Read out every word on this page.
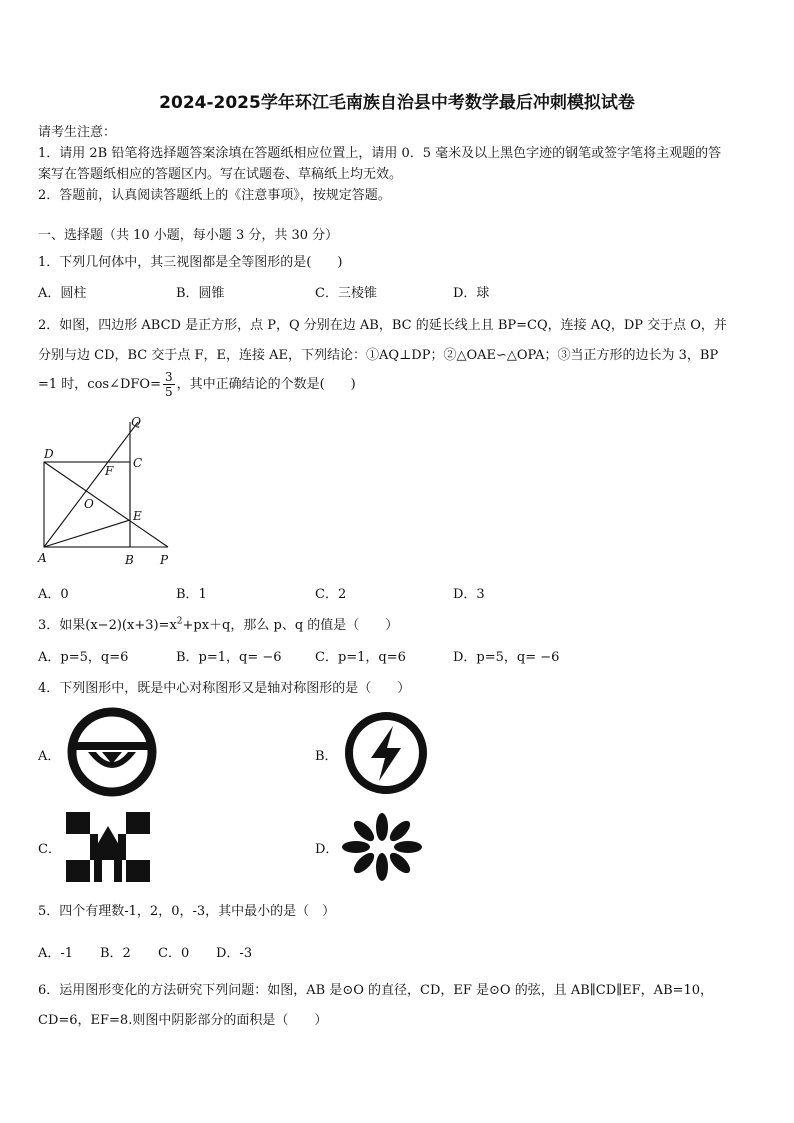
2024-2025学年环江毛南族自治县中考数学最后冲刺模拟试卷
请考生注意：
1．请用 2B 铅笔将选择题答案涂填在答题纸相应位置上，请用 0．5 毫米及以上黑色字迹的钢笔或签字笔将主观题的答
案写在答题纸相应的答题区内。写在试题卷、草稿纸上均无效。
2．答题前，认真阅读答题纸上的《注意事项》，按规定答题。
一、选择题（共 10 小题，每小题 3 分，共 30 分）
1．下列几何体中，其三视图都是全等图形的是(　　)
A．圆柱	B．圆锥	C．三棱锥	D．球
2．如图，四边形 ABCD 是正方形，点 P，Q 分别在边 AB，BC 的延长线上且 BP=CQ，连接 AQ，DP 交于点 O，并
分别与边 CD，BC 交于点 F，E，连接 AE，下列结论：①AQ⊥DP；②△OAE∽△OPA；③当正方形的边长为 3，BP
=1 时，cos∠DFO= $\frac{3}{5}$ ，其中正确结论的个数是(　　)
Q
D
C
F
O
E
A	B P
A．0	B．1	C．2	D．3
3．如果$(x-2)(x+3)=x^2+px+q$，那么 p、q 的值是（　　）
A．p=5，q=6	B．p=1，q= −6	C．p=1，q=6	D．p=5，q= −6
4．下列图形中，既是中心对称图形又是轴对称图形的是（　　）
A．	B．
C．	D．
5．四个有理数-1，2，0，-3，其中最小的是（　）
A．-1 B．2 C．0 D．-3
6．运用图形变化的方法研究下列问题：如图，AB 是⊙O 的直径，CD，EF 是⊙O 的弦，且 AB∥CD∥EF，AB=10，
CD=6，EF=8.则图中阴影部分的面积是（　　）
